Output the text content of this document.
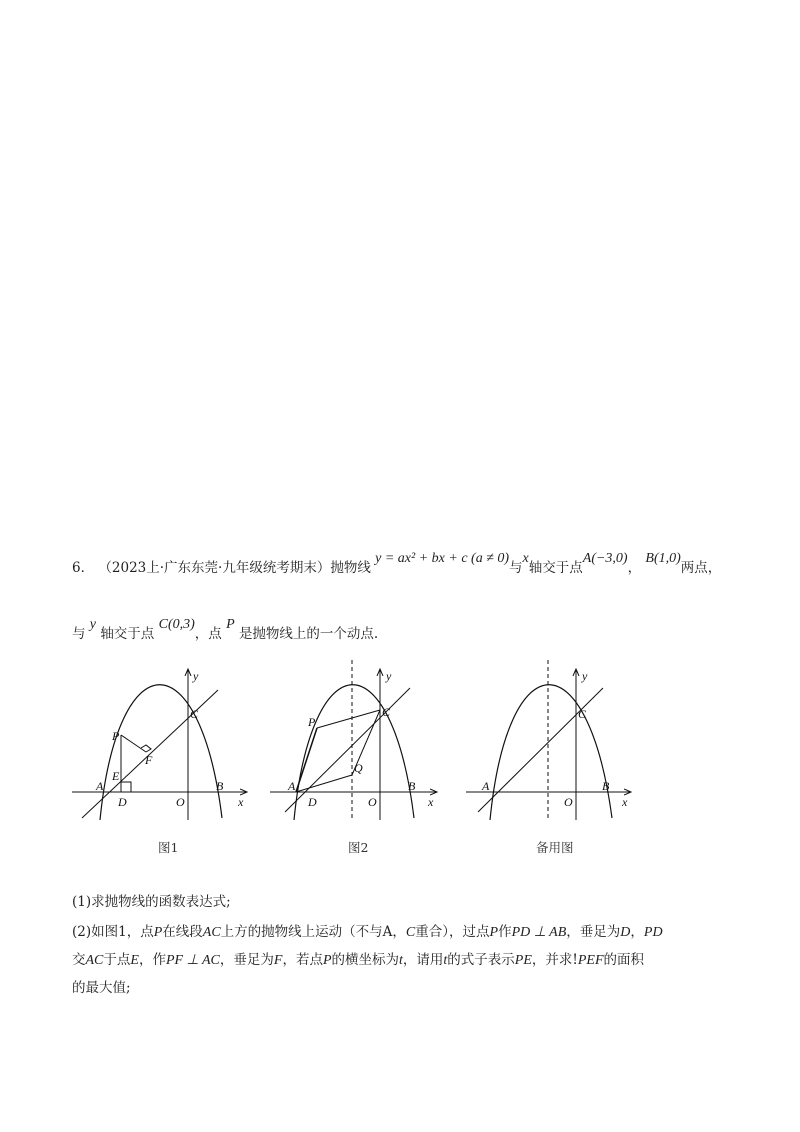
6． （2023上·广东东莞·九年级统考期末）抛物线 y = ax² + bx + c (a ≠ 0)与x轴交于点A(−3,0)， B(1,0)两点，
与 y 轴交于点 C(0,3)，点 P 是抛物线上的一个动点.
y
x
C
P
F
E
A
D	O
B
y
x
C
P
Q
A
D	O
B
y
x
C
A
O
B
图1	图2	备用图
(1)求抛物线的函数表达式;
(2)如图1，点P在线段AC上方的抛物线上运动（不与A，C重合），过点P作PD ⊥ AB，垂足为D，PD
交AC于点E，作PF ⊥ AC，垂足为F，若点P的横坐标为t，请用t的式子表示PE，并求!PEF的面积
的最大值;
